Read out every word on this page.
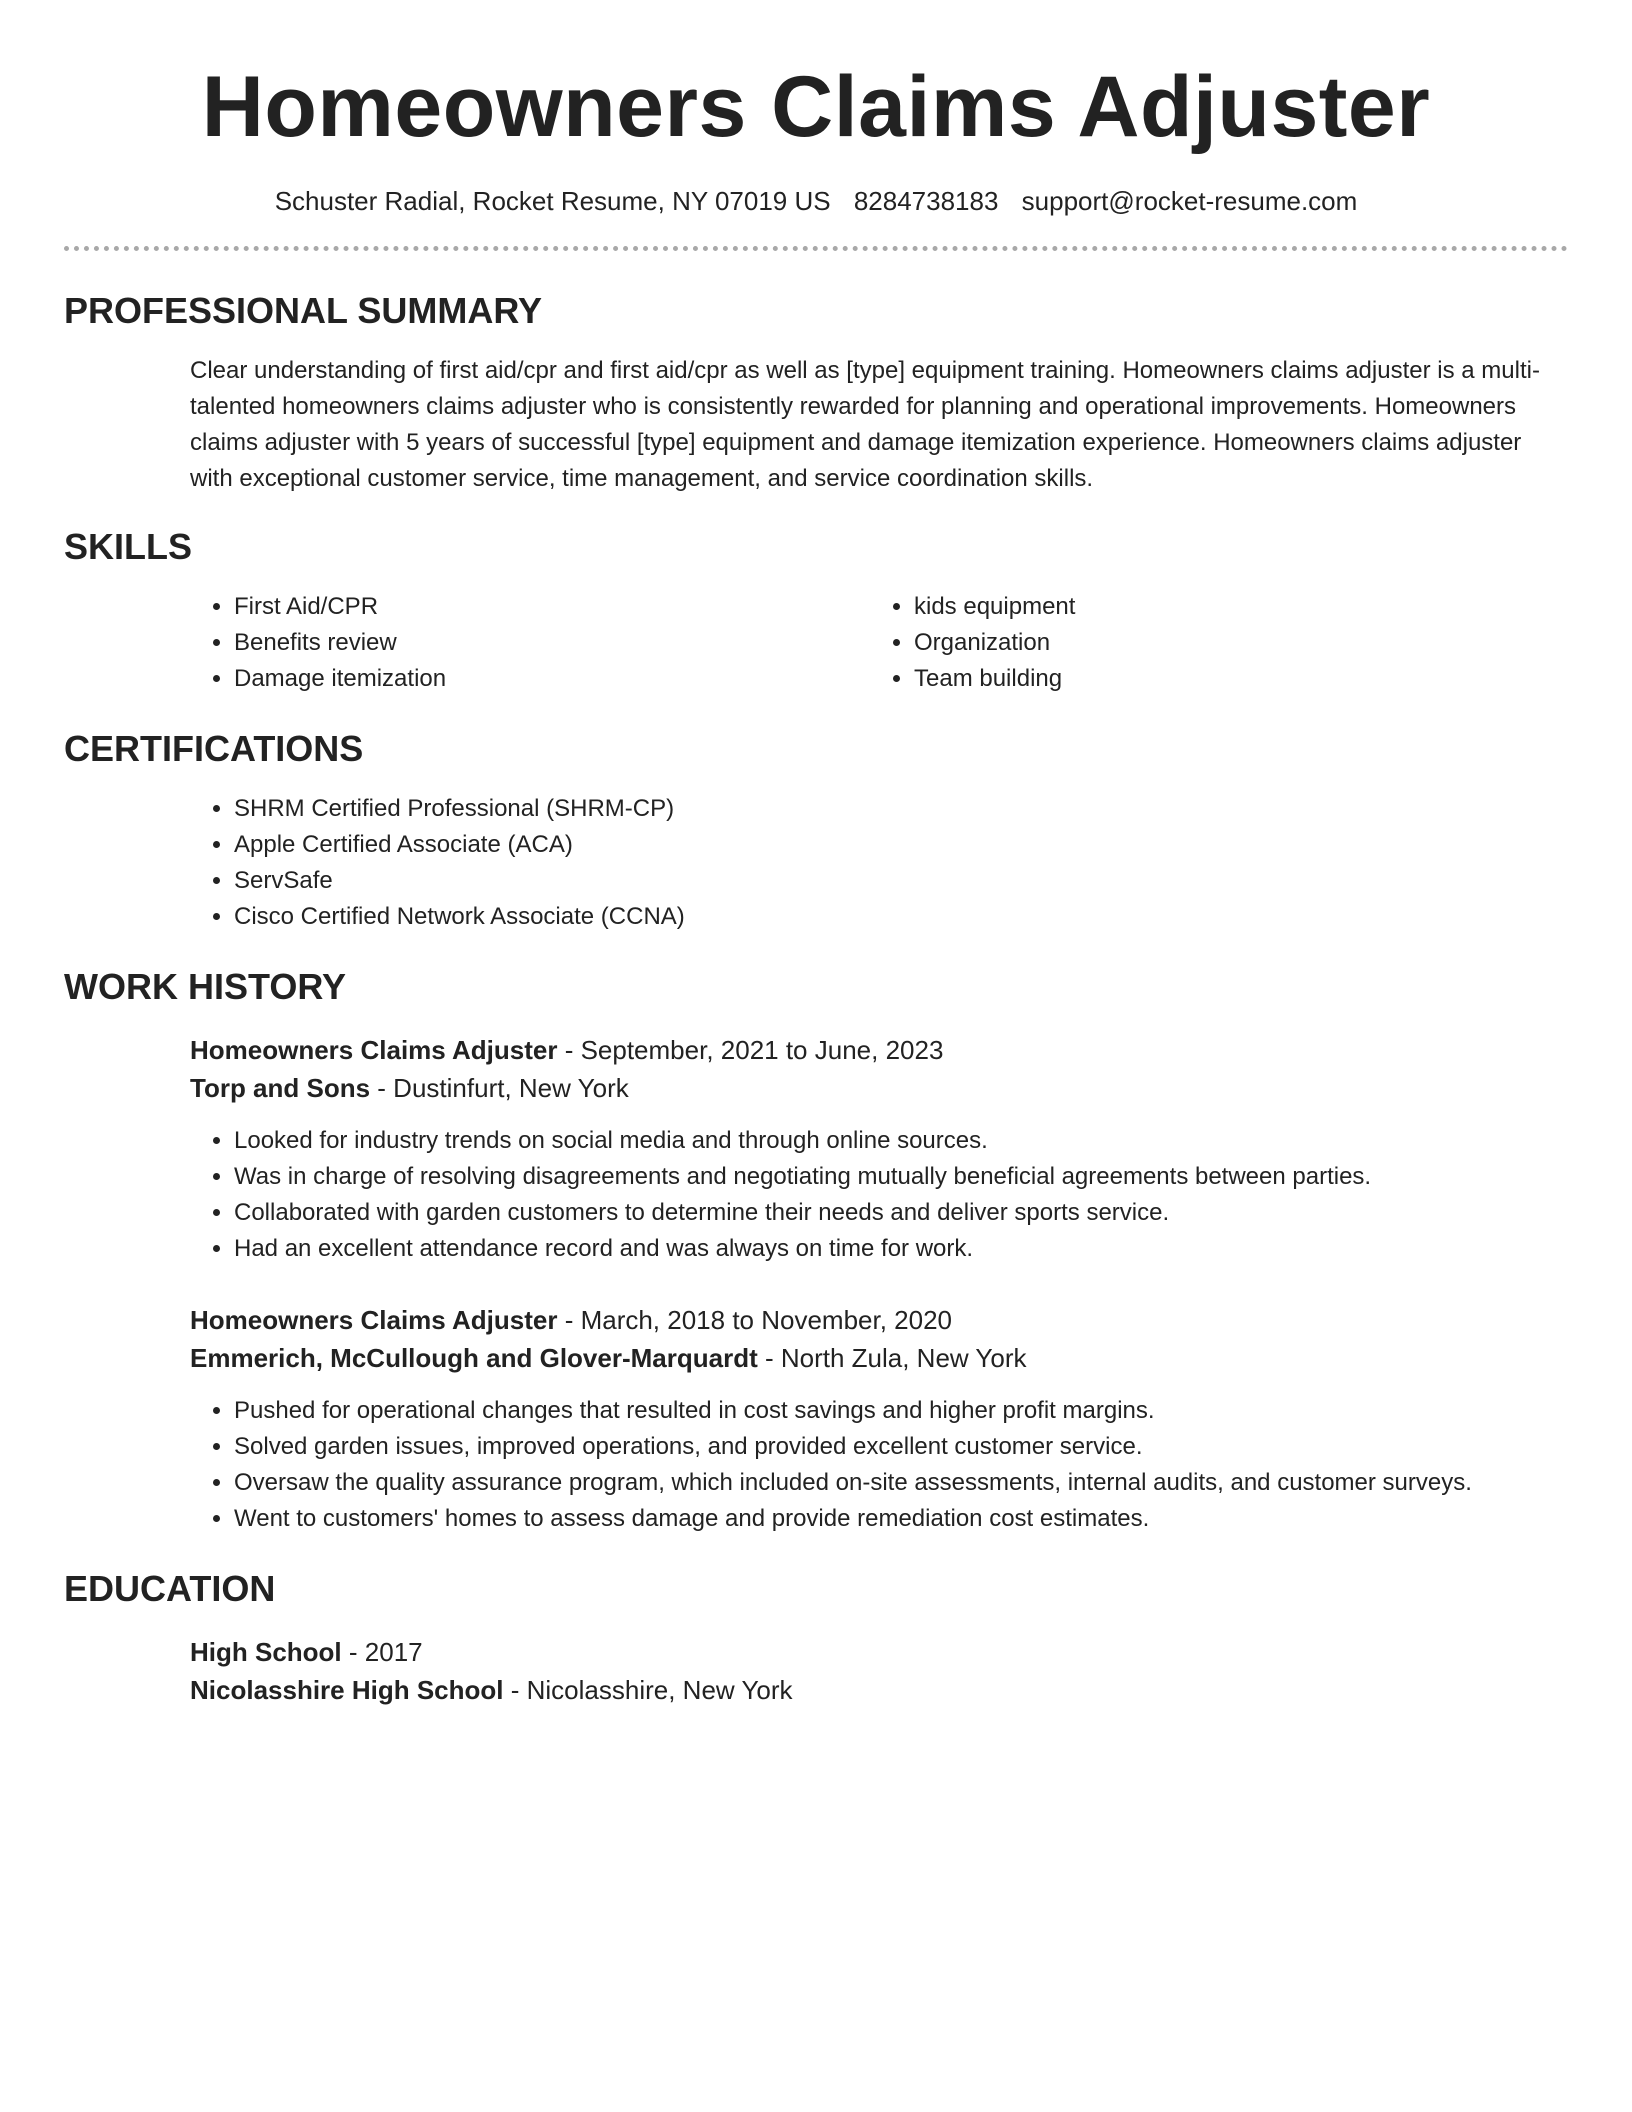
Homeowners Claims Adjuster
Schuster Radial, Rocket Resume, NY 07019 US 8284738183 support@rocket-resume.com
PROFESSIONAL SUMMARY

Clear understanding of first aid/cpr and first aid/cpr as well as [type] equipment training. Homeowners claims adjuster is a multi-talented homeowners claims adjuster who is consistently rewarded for planning and operational improvements. Homeowners claims adjuster with 5 years of successful [type] equipment and damage itemization experience. Homeowners claims adjuster with exceptional customer service, time management, and service coordination skills.

SKILLS
• First Aid/CPR
• Benefits review
• Damage itemization
• kids equipment
• Organization
• Team building
CERTIFICATIONS
• SHRM Certified Professional (SHRM-CP)
• Apple Certified Associate (ACA)
• ServSafe
• Cisco Certified Network Associate (CCNA)
WORK HISTORY

Homeowners Claims Adjuster - September, 2021 to June, 2023

Torp and Sons - Dustinfurt, New York

• Looked for industry trends on social media and through online sources.
• Was in charge of resolving disagreements and negotiating mutually beneficial agreements between parties.
• Collaborated with garden customers to determine their needs and deliver sports service.
• Had an excellent attendance record and was always on time for work.

Homeowners Claims Adjuster - March, 2018 to November, 2020

Emmerich, McCullough and Glover-Marquardt - North Zula, New York

• Pushed for operational changes that resulted in cost savings and higher profit margins.
• Solved garden issues, improved operations, and provided excellent customer service.
• Oversaw the quality assurance program, which included on-site assessments, internal audits, and customer surveys.
• Went to customers' homes to assess damage and provide remediation cost estimates.
EDUCATION

High School - 2017

Nicolasshire High School - Nicolasshire, New York
